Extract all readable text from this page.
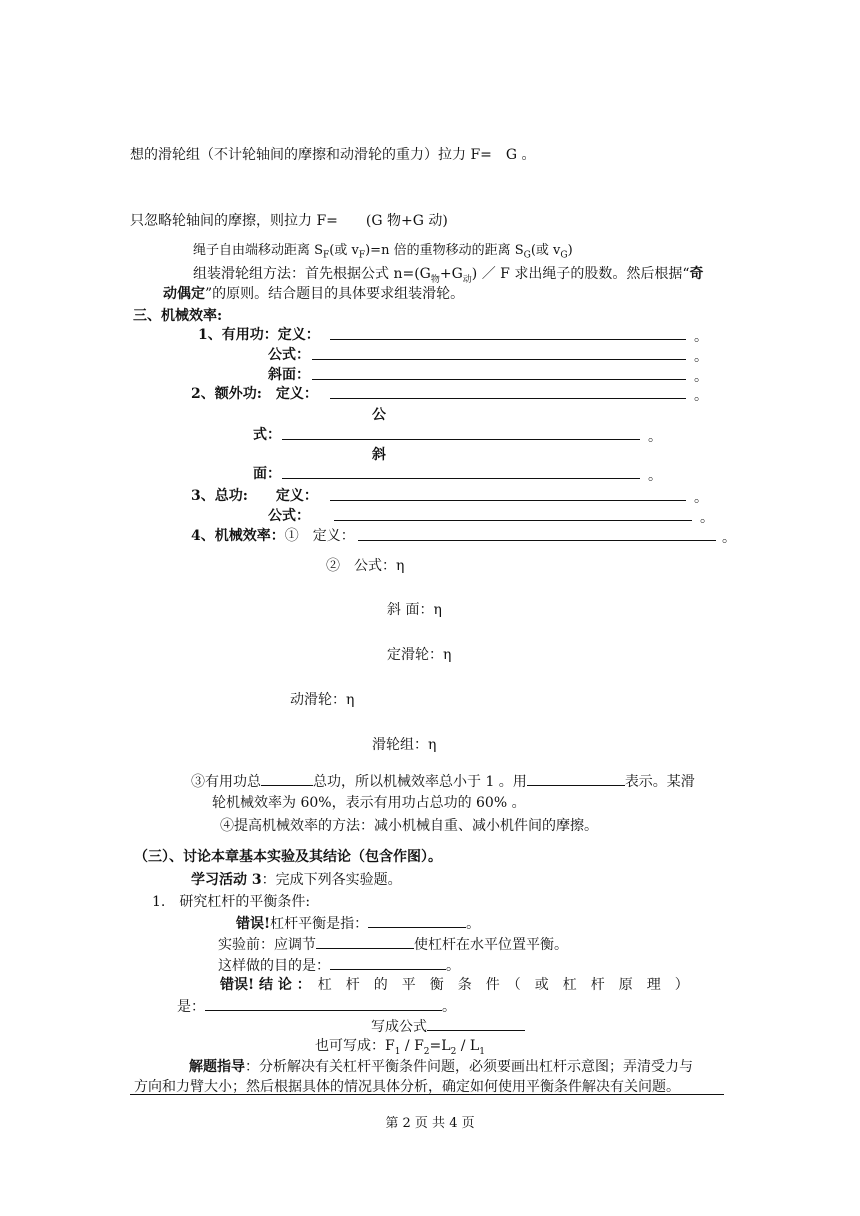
想的滑轮组（不计轮轴间的摩擦和动滑轮的重力）拉力 F=　G 。
只忽略轮轴间的摩擦，则拉力 F=　　(G 物+G 动)
绳子自由端移动距离 $S_F$(或 $v_F)=n$ 倍的重物移动的距离 $S_G$(或 $v_G$)
组装滑轮组方法：首先根据公式 $n=(G_物+G_动)$ ／ F 求出绳子的股数。然后根据“奇
动偶定”的原则。结合题目的具体要求组装滑轮。
三、机械效率:
1、有用功：定义：	。
公式：	。
斜面：	。
2、额外功:　定义：	。
公
式：	。
斜
面：	。
3、总功:　　定义：	。
公式：	。
4、机械效率：①　定义：	。
②　公式：η
斜 面：η
定滑轮：η
动滑轮：η
滑轮组：η
③有用功总	总功，所以机械效率总小于 1 。用	表示。某滑
轮机械效率为 60%，表示有用功占总功的 60% 。
④提高机械效率的方法：减小机械自重、减小机件间的摩擦。
（三）、讨论本章基本实验及其结论（包含作图）。
学习活动 3：完成下列各实验题。
1.　研究杠杆的平衡条件:
错误!杠杆平衡是指：	。
实验前：应调节	使杠杆在水平位置平衡。
这样做的目的是：	。
错误! 结 论 ：　 杠　杆　的　平　衡　条　件　（　或　杠　杆　原　理　）
是：	。
写成公式
也可写成：$F_1 / F_2=L_2 / L_1$
解题指导：分析解决有关杠杆平衡条件问题，必须要画出杠杆示意图；弄清受力与
方向和力臂大小；然后根据具体的情况具体分析，确定如何使用平衡条件解决有关问题。
第 2 页 共 4 页
